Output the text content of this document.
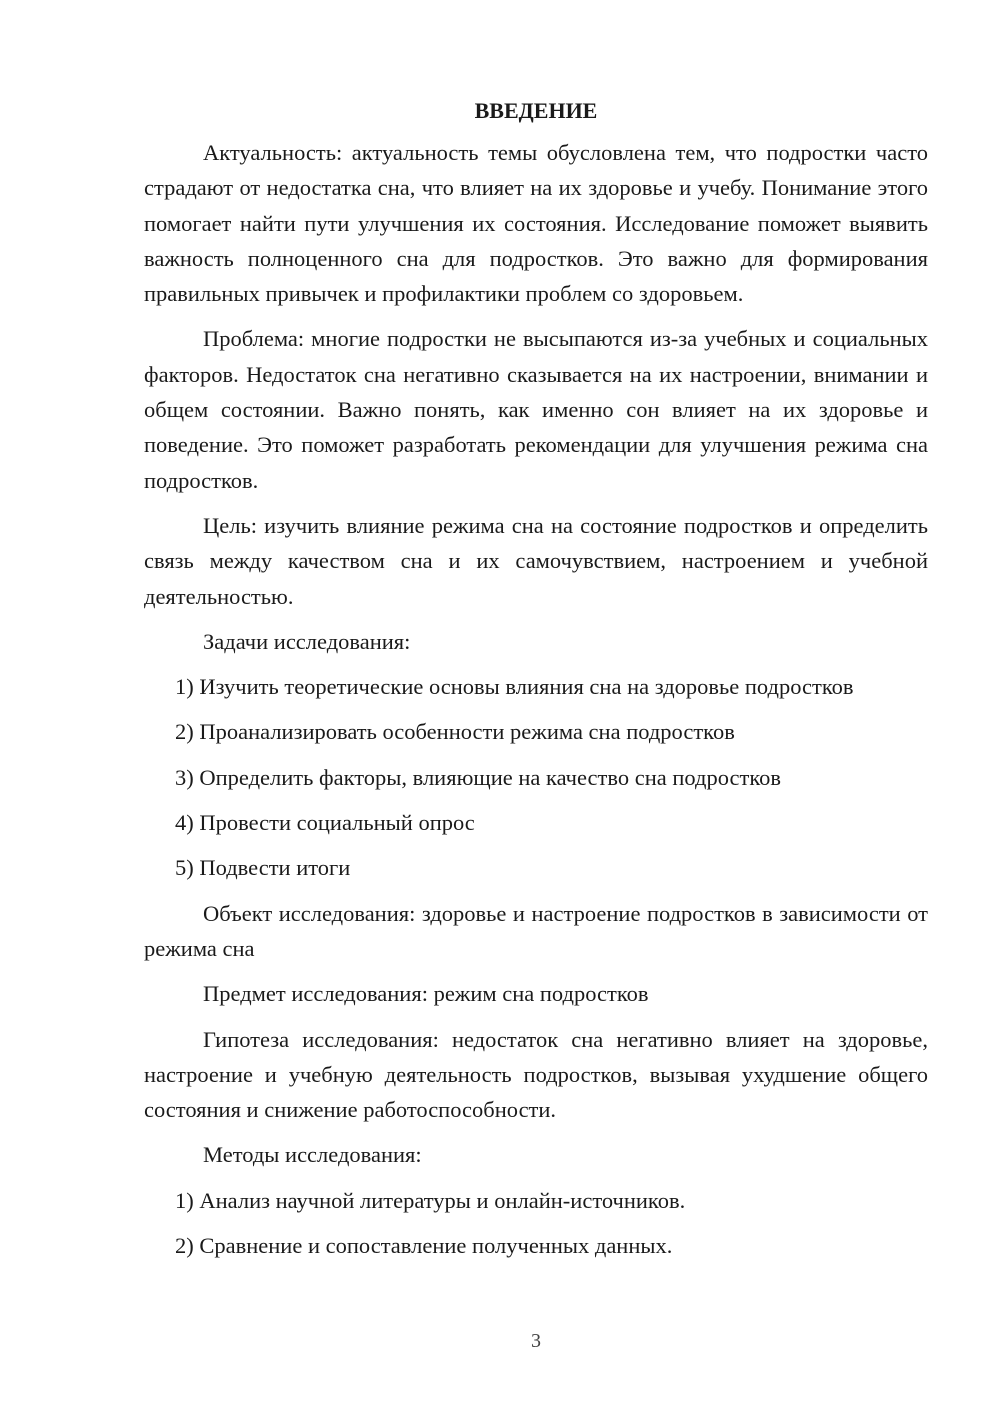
ВВЕДЕНИЕ

Актуальность: актуальность темы обусловлена тем, что подростки часто страдают от недостатка сна, что влияет на их здоровье и учебу. Понимание этого помогает найти пути улучшения их состояния. Исследование поможет выявить важность полноценного сна для подростков. Это важно для формирования правильных привычек и профилактики проблем со здоровьем.

Проблема: многие подростки не высыпаются из-за учебных и социальных факторов. Недостаток сна негативно сказывается на их настроении, внимании и общем состоянии. Важно понять, как именно сон влияет на их здоровье и поведение. Это поможет разработать рекомендации для улучшения режима сна подростков.

Цель: изучить влияние режима сна на состояние подростков и определить связь между качеством сна и их самочувствием, настроением и учебной деятельностью.

Задачи исследования:

1) Изучить теоретические основы влияния сна на здоровье подростков

2) Проанализировать особенности режима сна подростков

3) Определить факторы, влияющие на качество сна подростков

4) Провести социальный опрос

5) Подвести итоги

Объект исследования: здоровье и настроение подростков в зависимости от режима сна

Предмет исследования: режим сна подростков

Гипотеза исследования: недостаток сна негативно влияет на здоровье, настроение и учебную деятельность подростков, вызывая ухудшение общего состояния и снижение работоспособности.

Методы исследования:

1) Анализ научной литературы и онлайн-источников.

2) Сравнение и сопоставление полученных данных.

3
